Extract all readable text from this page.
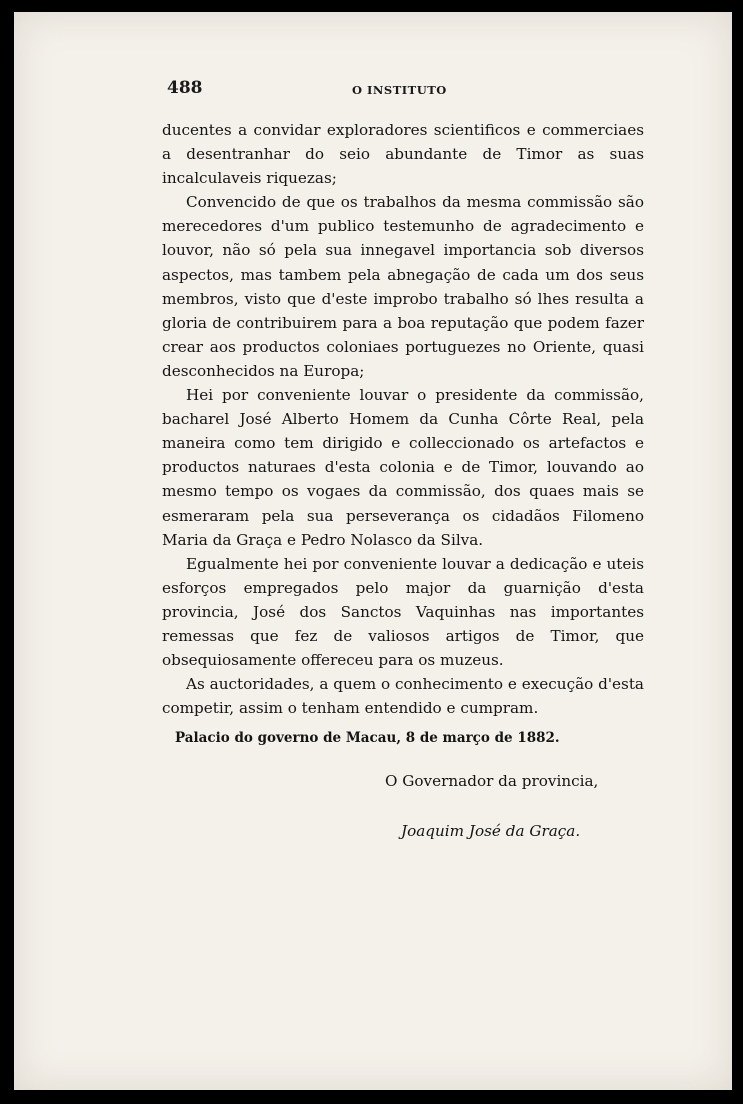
488	O INSTITUTO

ducentes a convidar exploradores scientificos e commerciaes a desentranhar do seio abundante de Timor as suas incalculaveis riquezas;

Convencido de que os trabalhos da mesma commissão são merecedores d'um publico testemunho de agradecimento e louvor, não só pela sua innegavel importancia sob diversos aspectos, mas tambem pela abnegação de cada um dos seus membros, visto que d'este improbo trabalho só lhes resulta a gloria de contribuirem para a boa reputação que podem fazer crear aos productos coloniaes portuguezes no Oriente, quasi desconhecidos na Europa;

Hei por conveniente louvar o presidente da commissão, bacharel José Alberto Homem da Cunha Côrte Real, pela maneira como tem dirigido e colleccionado os artefactos e productos naturaes d'esta colonia e de Timor, louvando ao mesmo tempo os vogaes da commissão, dos quaes mais se esmeraram pela sua perseverança os cidadãos Filomeno Maria da Graça e Pedro Nolasco da Silva.

Egualmente hei por conveniente louvar a dedicação e uteis esforços empregados pelo major da guarnição d'esta provincia, José dos Sanctos Vaquinhas nas importantes remessas que fez de valiosos artigos de Timor, que obsequiosamente offereceu para os muzeus.

As auctoridades, a quem o conhecimento e execução d'esta competir, assim o tenham entendido e cumpram.

Palacio do governo de Macau, 8 de março de 1882.
O Governador da provincia,
Joaquim José da Graça.
